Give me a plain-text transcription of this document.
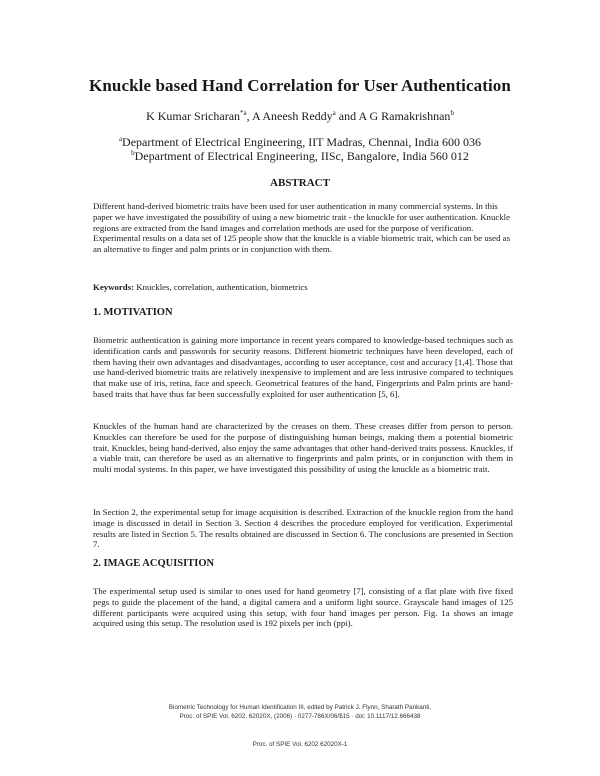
Knuckle based Hand Correlation for User Authentication
K Kumar Sricharan$^{*a}$, A Aneesh Reddy$^a$ and A G Ramakrishnan$^b$
$^a$Department of Electrical Engineering, IIT Madras, Chennai, India 600 036
$^b$Department of Electrical Engineering, IISc, Bangalore, India 560 012
ABSTRACT

Different hand-derived biometric traits have been used for user authentication in many commercial systems. In this paper we have investigated the possibility of using a new biometric trait - the knuckle for user authentication. Knuckle regions are extracted from the hand images and correlation methods are used for the purpose of verification. Experimental results on a data set of 125 people show that the knuckle is a viable biometric trait, which can be used as an alternative to finger and palm prints or in conjunction with them.

Keywords: Knuckles, correlation, authentication, biometrics
1. MOTIVATION

Biometric authentication is gaining more importance in recent years compared to knowledge-based techniques such as identification cards and passwords for security reasons. Different biometric techniques have been developed, each of them having their own advantages and disadvantages, according to user acceptance, cost and accuracy [1,4]. Those that use hand-derived biometric traits are relatively inexpensive to implement and are less intrusive compared to techniques that make use of iris, retina, face and speech. Geometrical features of the hand, Fingerprints and Palm prints are hand-based traits that have thus far been successfully exploited for user authentication [5, 6].

Knuckles of the human hand are characterized by the creases on them. These creases differ from person to person. Knuckles can therefore be used for the purpose of distinguishing human beings, making them a potential biometric trait. Knuckles, being hand-derived, also enjoy the same advantages that other hand-derived traits possess. Knuckles, if a viable trait, can therefore be used as an alternative to fingerprints and palm prints, or in conjunction with them in multi modal systems. In this paper, we have investigated this possibility of using the knuckle as a biometric trait.

In Section 2, the experimental setup for image acquisition is described. Extraction of the knuckle region from the hand image is discussed in detail in Section 3. Section 4 describes the procedure employed for verification. Experimental results are listed in Section 5. The results obtained are discussed in Section 6. The conclusions are presented in Section 7.

2. IMAGE ACQUISITION

The experimental setup used is similar to ones used for hand geometry [7], consisting of a flat plate with five fixed pegs to guide the placement of the hand, a digital camera and a uniform light source. Grayscale hand images of 125 different participants were acquired using this setup, with four hand images per person. Fig. 1a shows an image acquired using this setup. The resolution used is 192 pixels per inch (ppi).

Biometric Technology for Human Identification III, edited by Patrick J. Flynn, Sharath Pankanti,
Proc. of SPIE Vol. 6202, 62020X, (2006) · 0277-786X/06/$15 · doi: 10.1117/12.666438
Proc. of SPIE Vol. 6202 62020X-1
